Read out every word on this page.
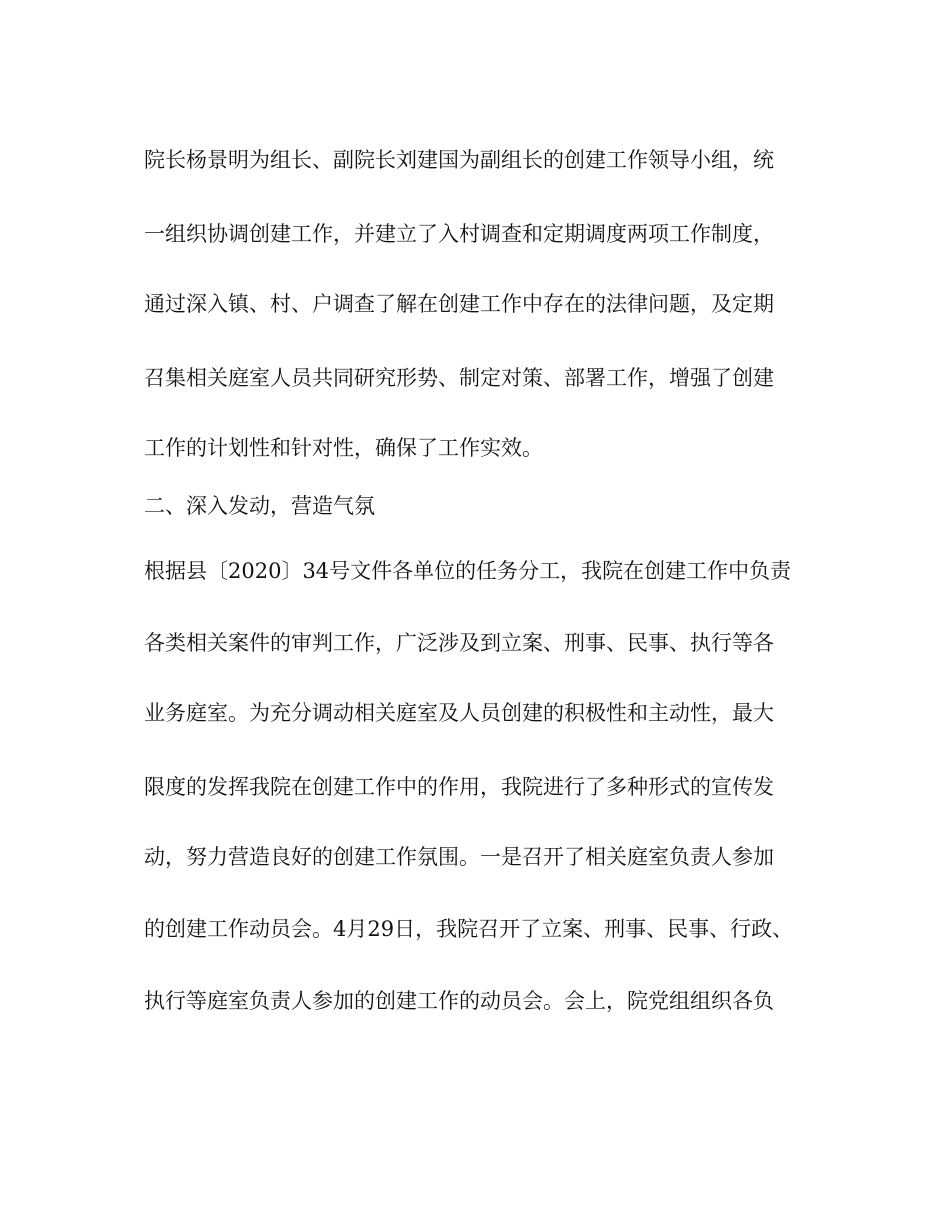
院长杨景明为组长、副院长刘建国为副组长的创建工作领导小组，统
一组织协调创建工作，并建立了入村调查和定期调度两项工作制度，
通过深入镇、村、户调查了解在创建工作中存在的法律问题，及定期
召集相关庭室人员共同研究形势、制定对策、部署工作，增强了创建
工作的计划性和针对性，确保了工作实效。
二、深入发动，营造气氛
根据县〔2020〕34号文件各单位的任务分工，我院在创建工作中负责
各类相关案件的审判工作，广泛涉及到立案、刑事、民事、执行等各
业务庭室。为充分调动相关庭室及人员创建的积极性和主动性，最大
限度的发挥我院在创建工作中的作用，我院进行了多种形式的宣传发
动，努力营造良好的创建工作氛围。一是召开了相关庭室负责人参加
的创建工作动员会。4月29日，我院召开了立案、刑事、民事、行政、
执行等庭室负责人参加的创建工作的动员会。会上，院党组组织各负
